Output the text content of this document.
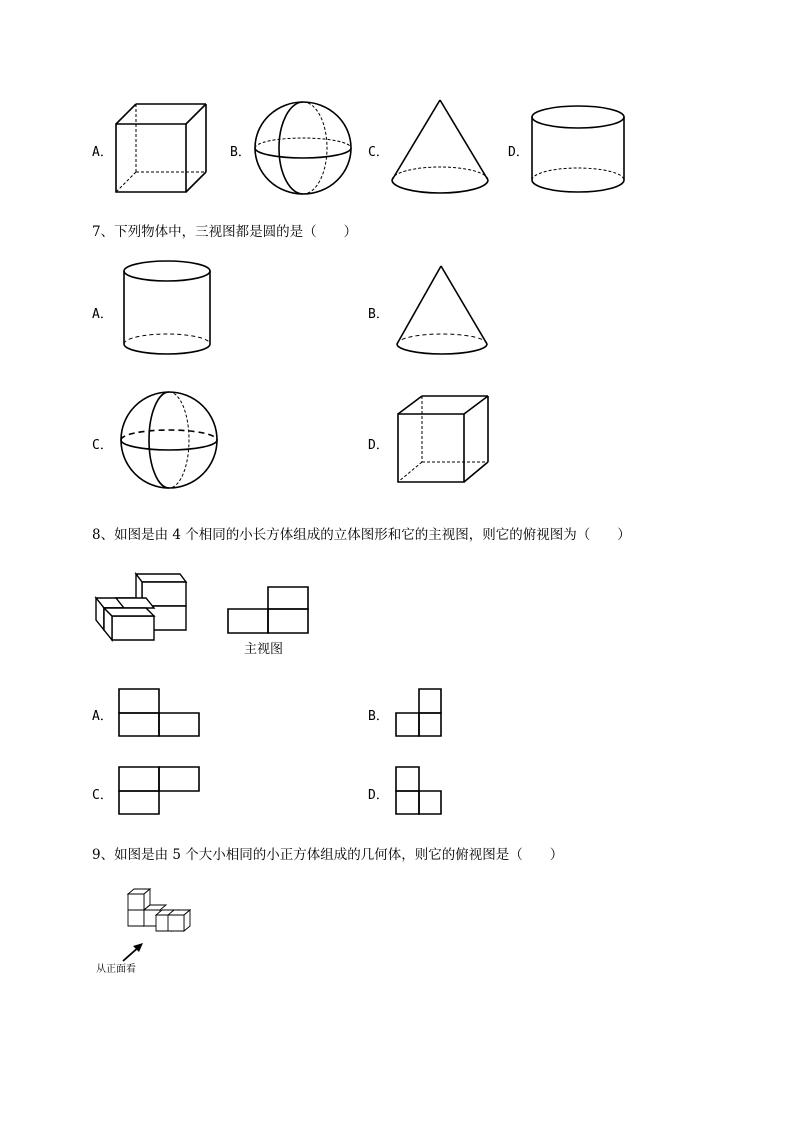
A．	B．	C．	D．
7、下列物体中，三视图都是圆的是（　　）
A．	B．
C．	D．
8、如图是由 4 个相同的小长方体组成的立体图形和它的主视图，则它的俯视图为（　　）
主视图
A．	B．
C．	D．
9、如图是由 5 个大小相同的小正方体组成的几何体，则它的俯视图是（　　）
从正面看
